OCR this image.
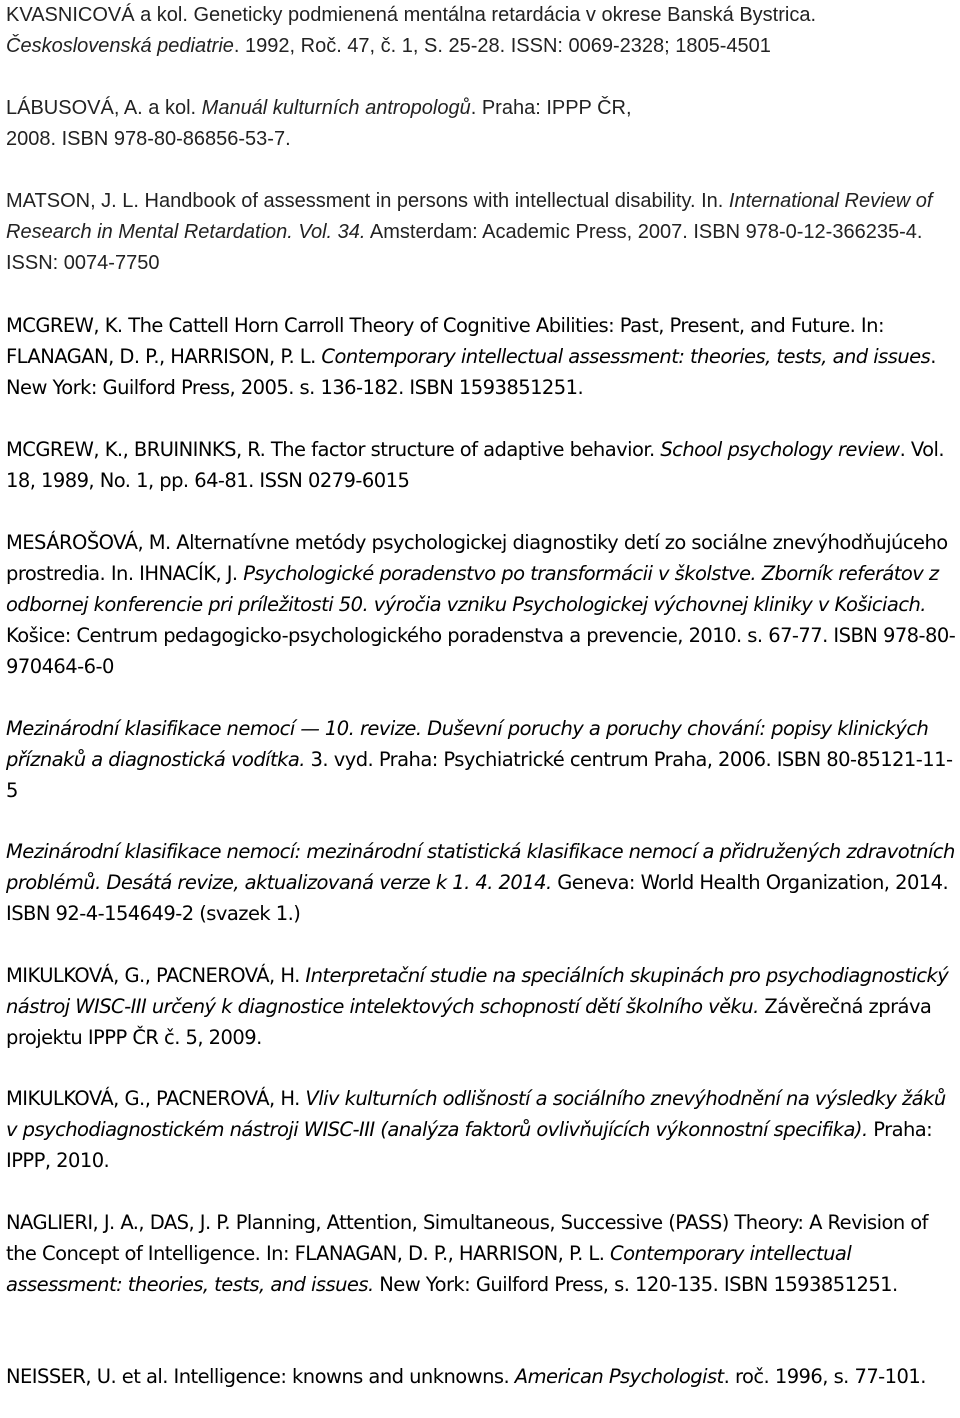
KVASNICOVÁ a kol. Geneticky podmienená mentálna retardácia v okrese Banská Bystrica. Československá pediatrie. 1992, Roč. 47, č. 1, S. 25-28. ISSN: 0069-2328; 1805-4501
LÁBUSOVÁ, A. a kol. Manuál kulturních antropologů. Praha: IPPP ČR, 2008. ISBN 978-80-86856-53-7.
MATSON, J. L. Handbook of assessment in persons with intellectual disability. In. International Review of Research in Mental Retardation. Vol. 34. Amsterdam: Academic Press, 2007. ISBN 978-0-12-366235-4. ISSN: 0074-7750
MCGREW, K. The Cattell Horn Carroll Theory of Cognitive Abilities: Past, Present, and Future. In: FLANAGAN, D. P., HARRISON, P. L. Contemporary intellectual assessment: theories, tests, and issues. New York: Guilford Press, 2005. s. 136-182. ISBN 1593851251.
MCGREW, K., BRUININKS, R. The factor structure of adaptive behavior. School psychology review. Vol. 18, 1989, No. 1, pp. 64-81. ISSN 0279-6015
MESÁROŠOVÁ, M. Alternatívne metódy psychologickej diagnostiky detí zo sociálne znevýhodňujúceho prostredia. In. IHNACÍK, J. Psychologické poradenstvo po transformácii v školstve. Zborník referátov z odbornej konferencie pri príležitosti 50. výročia vzniku Psychologickej výchovnej kliniky v Košiciach. Košice: Centrum pedagogicko-psychologického poradenstva a prevencie, 2010. s. 67-77. ISBN 978-80-970464-6-0
Mezinárodní klasifikace nemocí — 10. revize. Duševní poruchy a poruchy chování: popisy klinických příznaků a diagnostická vodítka. 3. vyd. Praha: Psychiatrické centrum Praha, 2006. ISBN 80-85121-11-5
Mezinárodní klasifikace nemocí: mezinárodní statistická klasifikace nemocí a přidružených zdravotních problémů. Desátá revize, aktualizovaná verze k 1. 4. 2014. Geneva: World Health Organization, 2014. ISBN 92-4-154649-2 (svazek 1.)
MIKULKOVÁ, G., PACNEROVÁ, H. Interpretační studie na speciálních skupinách pro psychodiagnostický nástroj WISC-III určený k diagnostice intelektových schopností dětí školního věku. Závěrečná zpráva projektu IPPP ČR č. 5, 2009.
MIKULKOVÁ, G., PACNEROVÁ, H. Vliv kulturních odlišností a sociálního znevýhodnění na výsledky žáků v psychodiagnostickém nástroji WISC-III (analýza faktorů ovlivňujících výkonnostní specifika). Praha: IPPP, 2010.
NAGLIERI, J. A., DAS, J. P. Planning, Attention, Simultaneous, Successive (PASS) Theory: A Revision of the Concept of Intelligence. In: FLANAGAN, D. P., HARRISON, P. L. Contemporary intellectual assessment: theories, tests, and issues. New York: Guilford Press, s. 120-135. ISBN 1593851251.
NEISSER, U. et al. Intelligence: knowns and unknowns. American Psychologist. roč. 1996, s. 77-101.
